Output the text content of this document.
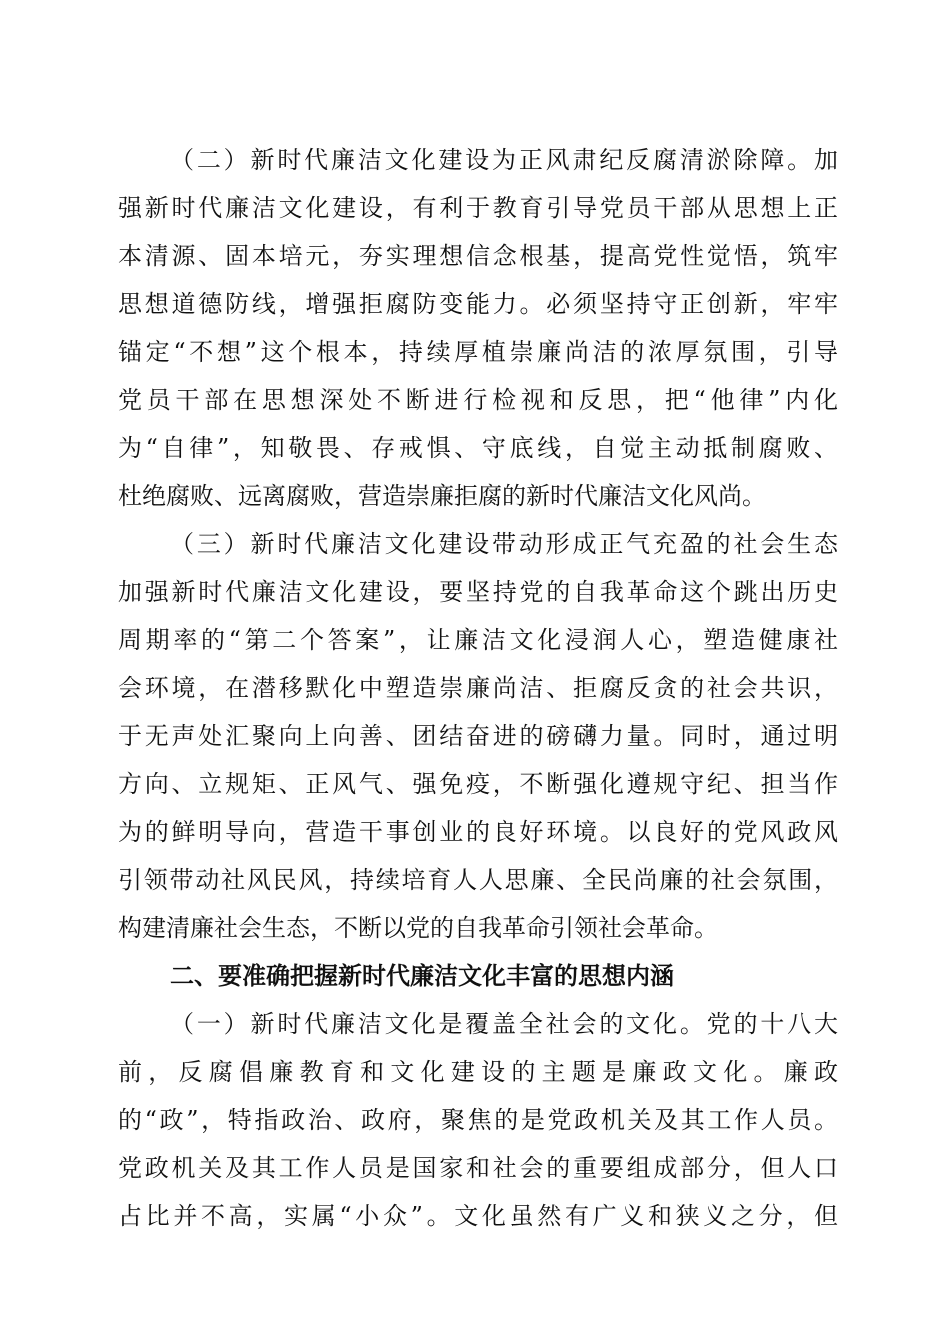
（二）新时代廉洁文化建设为正风肃纪反腐清淤除障。加
强新时代廉洁文化建设，有利于教育引导党员干部从思想上正
本清源、固本培元，夯实理想信念根基，提高党性觉悟，筑牢
思想道德防线，增强拒腐防变能力。必须坚持守正创新，牢牢
锚定“不想”这个根本，持续厚植崇廉尚洁的浓厚氛围，引导
党员干部在思想深处不断进行检视和反思，把“他律”内化
为“自律”，知敬畏、存戒惧、守底线，自觉主动抵制腐败、
杜绝腐败、远离腐败，营造崇廉拒腐的新时代廉洁文化风尚。
（三）新时代廉洁文化建设带动形成正气充盈的社会生态
加强新时代廉洁文化建设，要坚持党的自我革命这个跳出历史
周期率的“第二个答案”，让廉洁文化浸润人心，塑造健康社
会环境，在潜移默化中塑造崇廉尚洁、拒腐反贪的社会共识，
于无声处汇聚向上向善、团结奋进的磅礴力量。同时，通过明
方向、立规矩、正风气、强免疫，不断强化遵规守纪、担当作
为的鲜明导向，营造干事创业的良好环境。以良好的党风政风
引领带动社风民风，持续培育人人思廉、全民尚廉的社会氛围，
构建清廉社会生态，不断以党的自我革命引领社会革命。
二、要准确把握新时代廉洁文化丰富的思想内涵
（一）新时代廉洁文化是覆盖全社会的文化。党的十八大
前，反腐倡廉教育和文化建设的主题是廉政文化。廉政
的“政”，特指政治、政府，聚焦的是党政机关及其工作人员。
党政机关及其工作人员是国家和社会的重要组成部分，但人口
占比并不高，实属“小众”。文化虽然有广义和狭义之分，但
